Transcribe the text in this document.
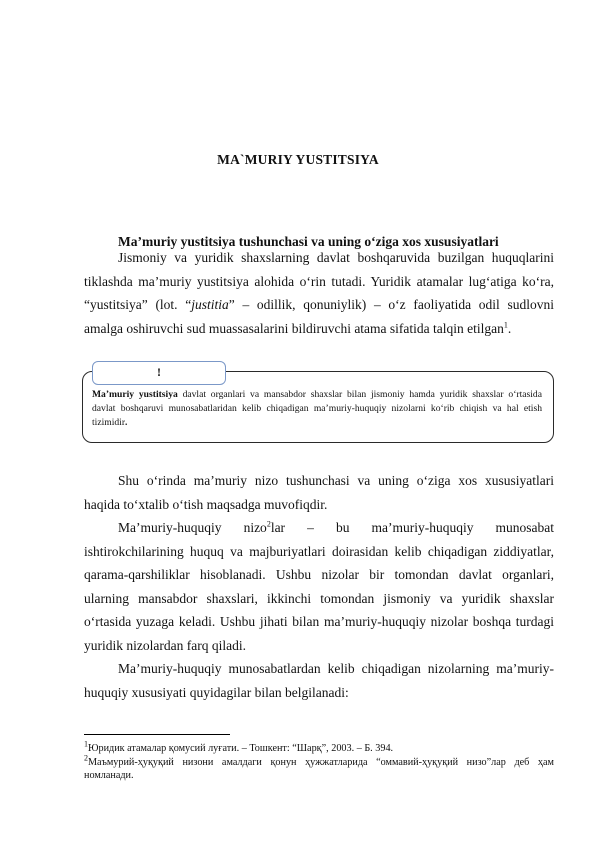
MA`MURIY YUSTITSIYA
Ma’muriy yustitsiya tushunchasi va uning o‘ziga xos xususiyatlari
Jismoniy va yuridik shaxslarning davlat boshqaruvida buzilgan huquqlarini
tiklashda ma’muriy yustitsiya alohida o‘rin tutadi. Yuridik atamalar lug‘atiga ko‘ra,
“yustitsiya” (lot. “justitia” – odillik, qonuniylik) – o‘z faoliyatida odil sudlovni
amalga oshiruvchi sud muassasalarini bildiruvchi atama sifatida talqin etilgan$^1$.
!
Ma’muriy yustitsiya davlat organlari va mansabdor shaxslar bilan jismoniy hamda yuridik shaxslar o‘rtasida
davlat boshqaruvi munosabatlaridan kelib chiqadigan ma’muriy-huquqiy nizolarni ko‘rib chiqish va hal etish
tizimidir.
Shu o‘rinda ma’muriy nizo tushunchasi va uning o‘ziga xos xususiyatlari
haqida to‘xtalib o‘tish maqsadga muvofiqdir.
Ma’muriy-huquqiy nizo$^2$lar – bu ma’muriy-huquqiy munosabat
ishtirokchilarining huquq va majburiyatlari doirasidan kelib chiqadigan ziddiyatlar,
qarama-qarshiliklar hisoblanadi. Ushbu nizolar bir tomondan davlat organlari,
ularning mansabdor shaxslari, ikkinchi tomondan jismoniy va yuridik shaxslar
o‘rtasida yuzaga keladi. Ushbu jihati bilan ma’muriy-huquqiy nizolar boshqa turdagi
yuridik nizolardan farq qiladi.
Ma’muriy-huquqiy munosabatlardan kelib chiqadigan nizolarning ma’muriy-
huquqiy xususiyati quyidagilar bilan belgilanadi:
$^1$Юридик атамалар қомусий луғати. – Тошкент: “Шарқ”, 2003. – Б. 394.
$^2$Маъмурий-ҳуқуқий низони амалдаги қонун ҳужжатларида “оммавий-ҳуқуқий низо”лар деб ҳам
номланади.
